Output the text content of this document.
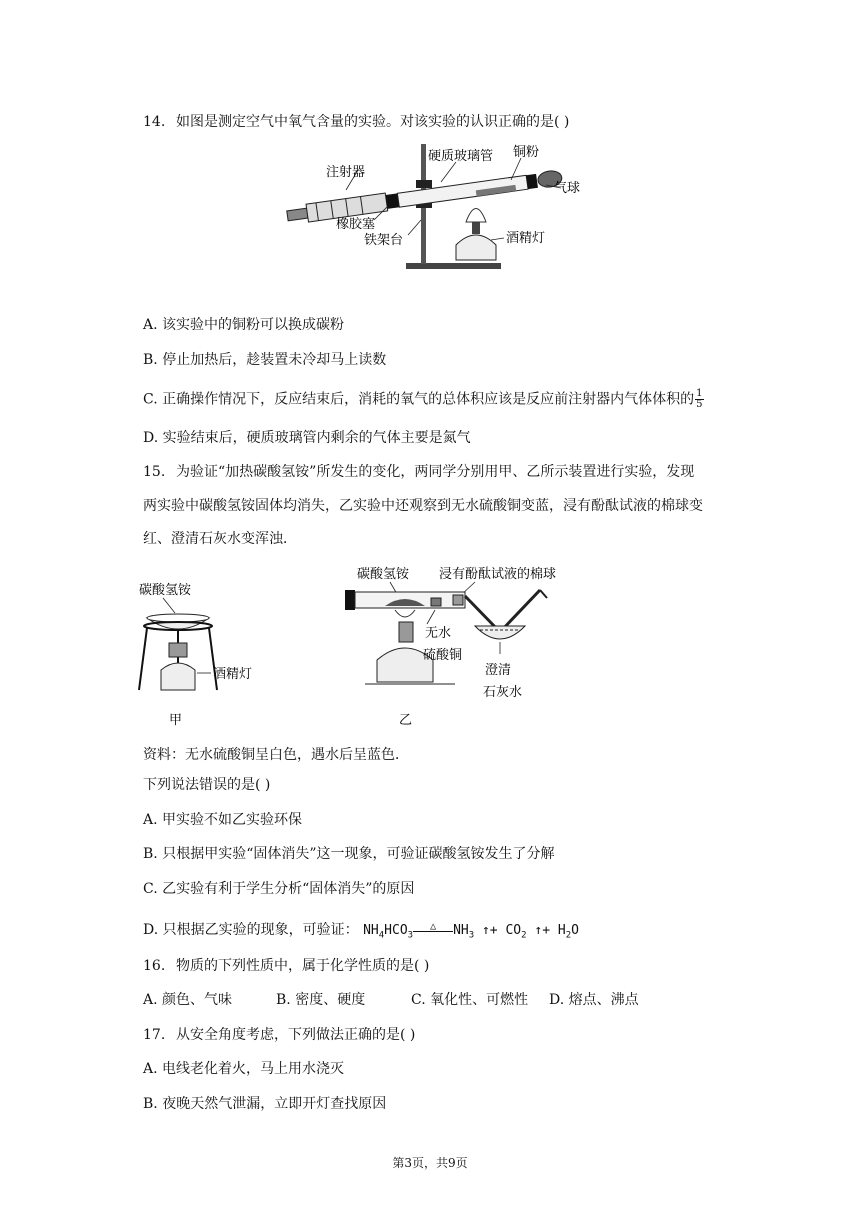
14. 如图是测定空气中氧气含量的实验。对该实验的认识正确的是( )
注射器
硬质玻璃管 铜粉
气球
橡胶塞
铁架台	酒精灯
A. 该实验中的铜粉可以换成碳粉
B. 停止加热后，趁装置未冷却马上读数
C. 正确操作情况下，反应结束后，消耗的氧气的总体积应该是反应前注射器内气体体积的 $\frac{1}{5}$
D. 实验结束后，硬质玻璃管内剩余的气体主要是氮气
15. 为验证“加热碳酸氢铵”所发生的变化，两同学分别用甲、乙所示装置进行实验，发现
两实验中碳酸氢铵固体均消失，乙实验中还观察到无水硫酸铜变蓝，浸有酚酞试液的棉球变
红、澄清石灰水变浑浊．
碳酸氢铵
酒精灯
甲
碳酸氢铵 浸有酚酞试液的棉球
无水
硫酸铜
澄清
石灰水
乙
资料：无水硫酸铜呈白色，遇水后呈蓝色．
下列说法错误的是( )
A. 甲实验不如乙实验环保
B. 只根据甲实验“固体消失”这一现象，可验证碳酸氢铵发生了分解
C. 乙实验有利于学生分析“固体消失”的原因
D. 只根据乙实验的现象，可验证： $NH_4HCO_3$
△	$NH_3$ ↑+ $CO_2$ ↑+ $H_2O$
16. 物质的下列性质中，属于化学性质的是( )
A. 颜色、气味	B. 密度、硬度	C. 氧化性、可燃性 D. 熔点、沸点
17. 从安全角度考虑，下列做法正确的是( )
A. 电线老化着火，马上用水浇灭
B. 夜晚天然气泄漏，立即开灯查找原因
第3页，共9页
